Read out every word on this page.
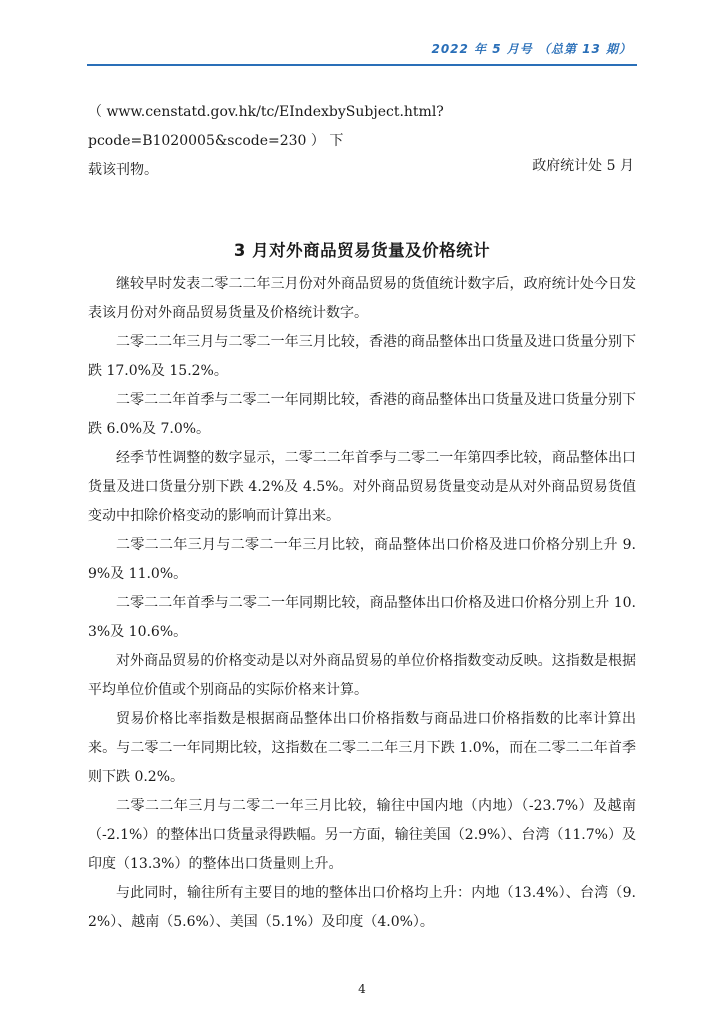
2022 年 5 月号 （总第 13 期）
（ www.censtatd.gov.hk/tc/EIndexbySubject.html?pcode=B1020005&scode=230 ） 下
载该刊物。	政府统计处 5 月
3 月对外商品贸易货量及价格统计

继较早时发表二零二二年三月份对外商品贸易的货值统计数字后，政府统计处今日发表该月份对外商品贸易货量及价格统计数字。

二零二二年三月与二零二一年三月比较，香港的商品整体出口货量及进口货量分别下跌 17.0%及 15.2%。

二零二二年首季与二零二一年同期比较，香港的商品整体出口货量及进口货量分别下跌 6.0%及 7.0%。

经季节性调整的数字显示，二零二二年首季与二零二一年第四季比较，商品整体出口货量及进口货量分别下跌 4.2%及 4.5%。对外商品贸易货量变动是从对外商品贸易货值变动中扣除价格变动的影响而计算出来。

二零二二年三月与二零二一年三月比较，商品整体出口价格及进口价格分别上升 9.9%及 11.0%。

二零二二年首季与二零二一年同期比较，商品整体出口价格及进口价格分别上升 10.3%及 10.6%。

对外商品贸易的价格变动是以对外商品贸易的单位价格指数变动反映。这指数是根据平均单位价值或个别商品的实际价格来计算。

贸易价格比率指数是根据商品整体出口价格指数与商品进口价格指数的比率计算出来。与二零二一年同期比较，这指数在二零二二年三月下跌 1.0%，而在二零二二年首季则下跌 0.2%。

二零二二年三月与二零二一年三月比较，输往中国内地（内地）（-23.7%）及越南（-2.1%）的整体出口货量录得跌幅。另一方面，输往美国（2.9%）、台湾（11.7%）及印度（13.3%）的整体出口货量则上升。

与此同时，输往所有主要目的地的整体出口价格均上升：内地（13.4%）、台湾（9.2%）、越南（5.6%）、美国（5.1%）及印度（4.0%）。

4
